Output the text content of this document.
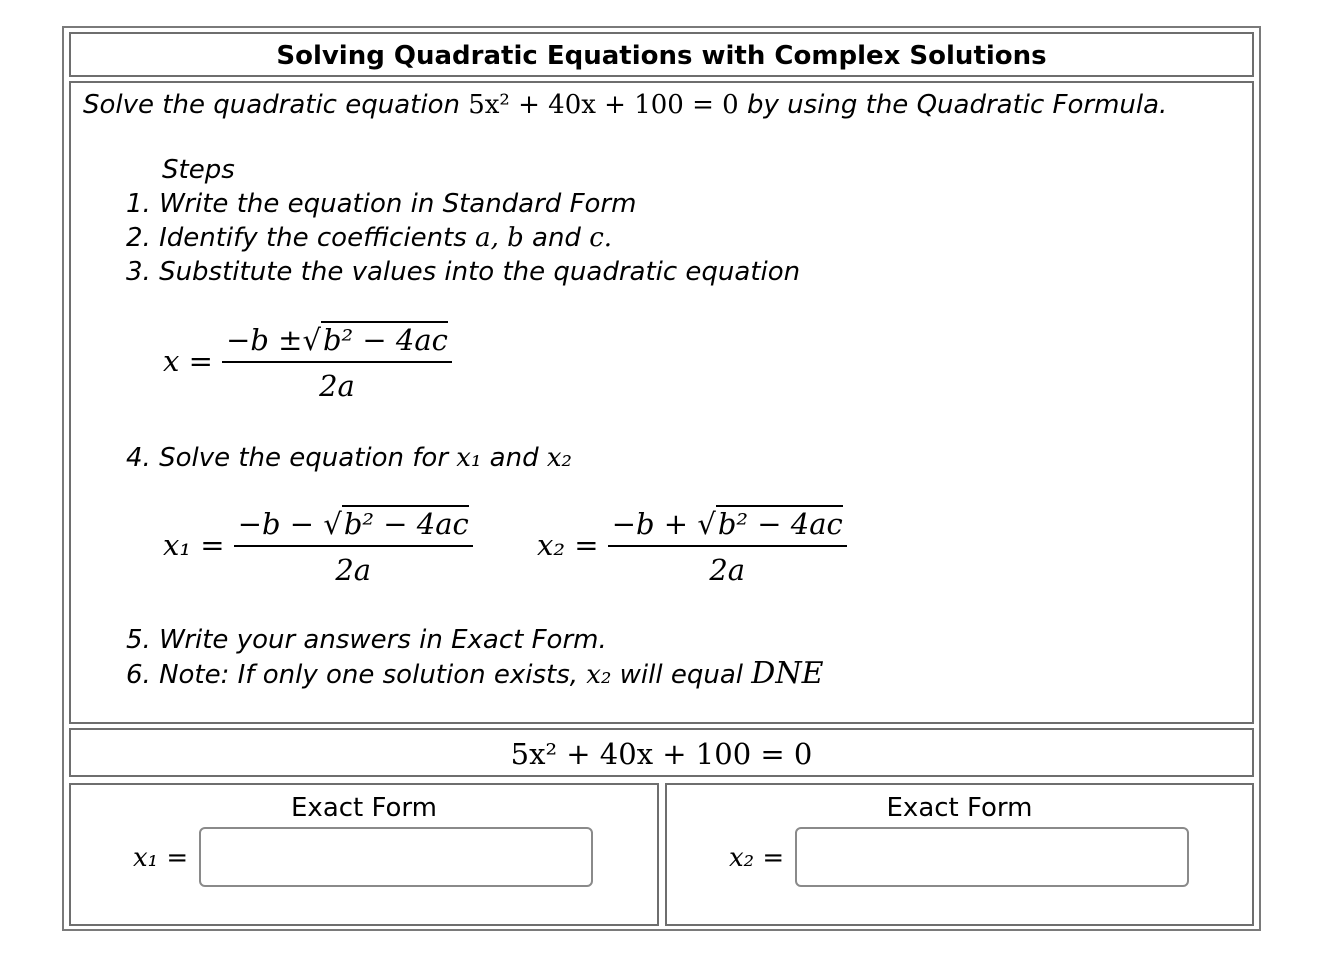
Solving Quadratic Equations with Complex Solutions
Solve the quadratic equation 5x² + 40x + 100 = 0 by using the Quadratic Formula.
Steps
1. Write the equation in Standard Form
2. Identify the coefficients a, b and c.
3. Substitute the values into the quadratic equation
$x = \frac{\text{−b ±√b² − 4ac}}{2a}$
4. Solve the equation for x₁ and x₂
$x_1 = \frac{\text{−b − √b² − 4ac}}{2a} x_2 = \frac{\text{−b + √b² − 4ac}}{2a}$
5. Write your answers in Exact Form.
6. Note: If only one solution exists, x₂ will equal DNE
5x² + 40x + 100 = 0
Exact Form
x₁ =
Exact Form
x₂ =
